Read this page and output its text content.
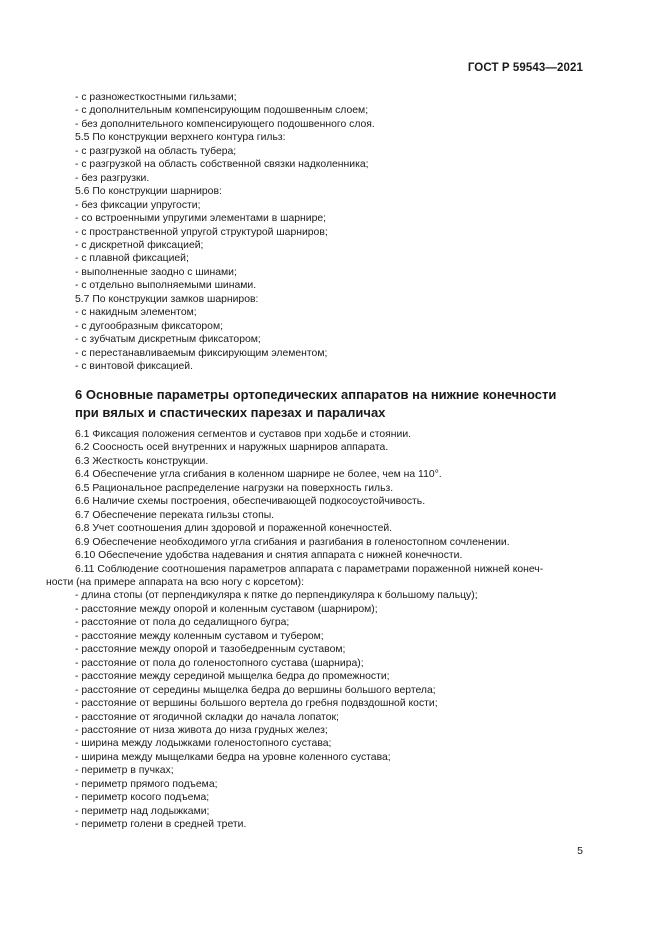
ГОСТ Р 59543—2021
- с разножесткостными гильзами;
- с дополнительным компенсирующим подошвенным слоем;
- без дополнительного компенсирующего подошвенного слоя.
5.5 По конструкции верхнего контура гильз:
- с разгрузкой на область тубера;
- с разгрузкой на область собственной связки надколенника;
- без разгрузки.
5.6 По конструкции шарниров:
- без фиксации упругости;
- со встроенными упругими элементами в шарнире;
- с пространственной упругой структурой шарниров;
- с дискретной фиксацией;
- с плавной фиксацией;
- выполненные заодно с шинами;
- с отдельно выполняемыми шинами.
5.7 По конструкции замков шарниров:
- с накидным элементом;
- с дугообразным фиксатором;
- с зубчатым дискретным фиксатором;
- с перестанавливаемым фиксирующим элементом;
- с винтовой фиксацией.
6 Основные параметры ортопедических аппаратов на нижние конечности
при вялых и спастических парезах и параличах
6.1 Фиксация положения сегментов и суставов при ходьбе и стоянии.
6.2 Соосность осей внутренних и наружных шарниров аппарата.
6.3 Жесткость конструкции.
6.4 Обеспечение угла сгибания в коленном шарнире не более, чем на 110°.
6.5 Рациональное распределение нагрузки на поверхность гильз.
6.6 Наличие схемы построения, обеспечивающей подкосоустойчивость.
6.7 Обеспечение переката гильзы стопы.
6.8 Учет соотношения длин здоровой и пораженной конечностей.
6.9 Обеспечение необходимого угла сгибания и разгибания в голеностопном сочленении.
6.10 Обеспечение удобства надевания и снятия аппарата с нижней конечности.
6.11 Соблюдение соотношения параметров аппарата с параметрами пораженной нижней конеч-
ности (на примере аппарата на всю ногу с корсетом):
- длина стопы (от перпендикуляра к пятке до перпендикуляра к большому пальцу);
- расстояние между опорой и коленным суставом (шарниром);
- расстояние от пола до седалищного бугра;
- расстояние между коленным суставом и тубером;
- расстояние между опорой и тазобедренным суставом;
- расстояние от пола до голеностопного сустава (шарнира);
- расстояние между серединой мыщелка бедра до промежности;
- расстояние от середины мыщелка бедра до вершины большого вертела;
- расстояние от вершины большого вертела до гребня подвздошной кости;
- расстояние от ягодичной складки до начала лопаток;
- расстояние от низа живота до низа грудных желез;
- ширина между лодыжками голеностопного сустава;
- ширина между мыщелками бедра на уровне коленного сустава;
- периметр в пучках;
- периметр прямого подъема;
- периметр косого подъема;
- периметр над лодыжками;
- периметр голени в средней трети.
5
